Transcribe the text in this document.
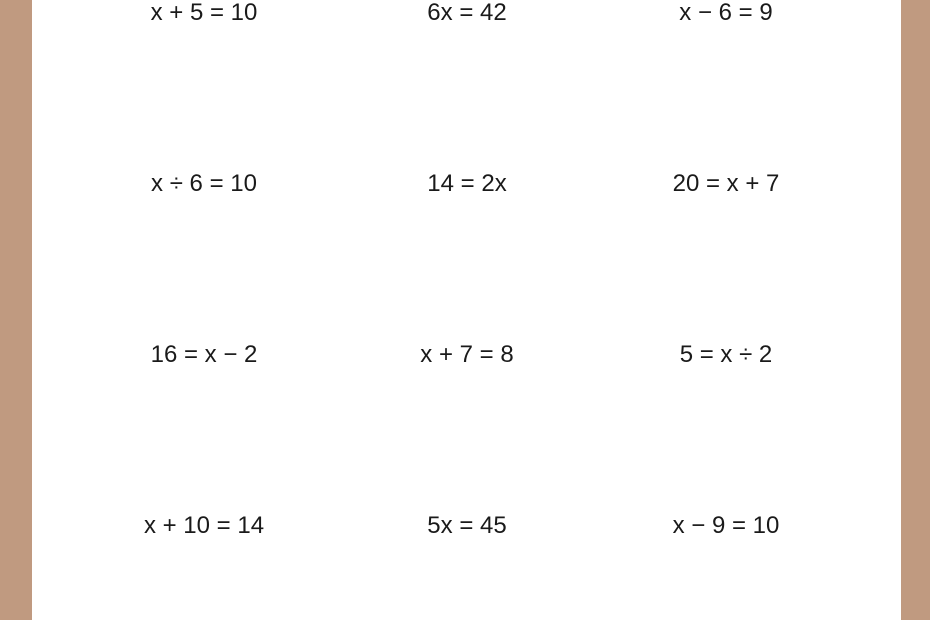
x + 5 = 10	6x = 42	x − 6 = 9
x ÷ 6 = 10	14 = 2x	20 = x + 7
16 = x − 2	x + 7 = 8	5 = x ÷ 2
x + 10 = 14	5x = 45	x − 9 = 10
